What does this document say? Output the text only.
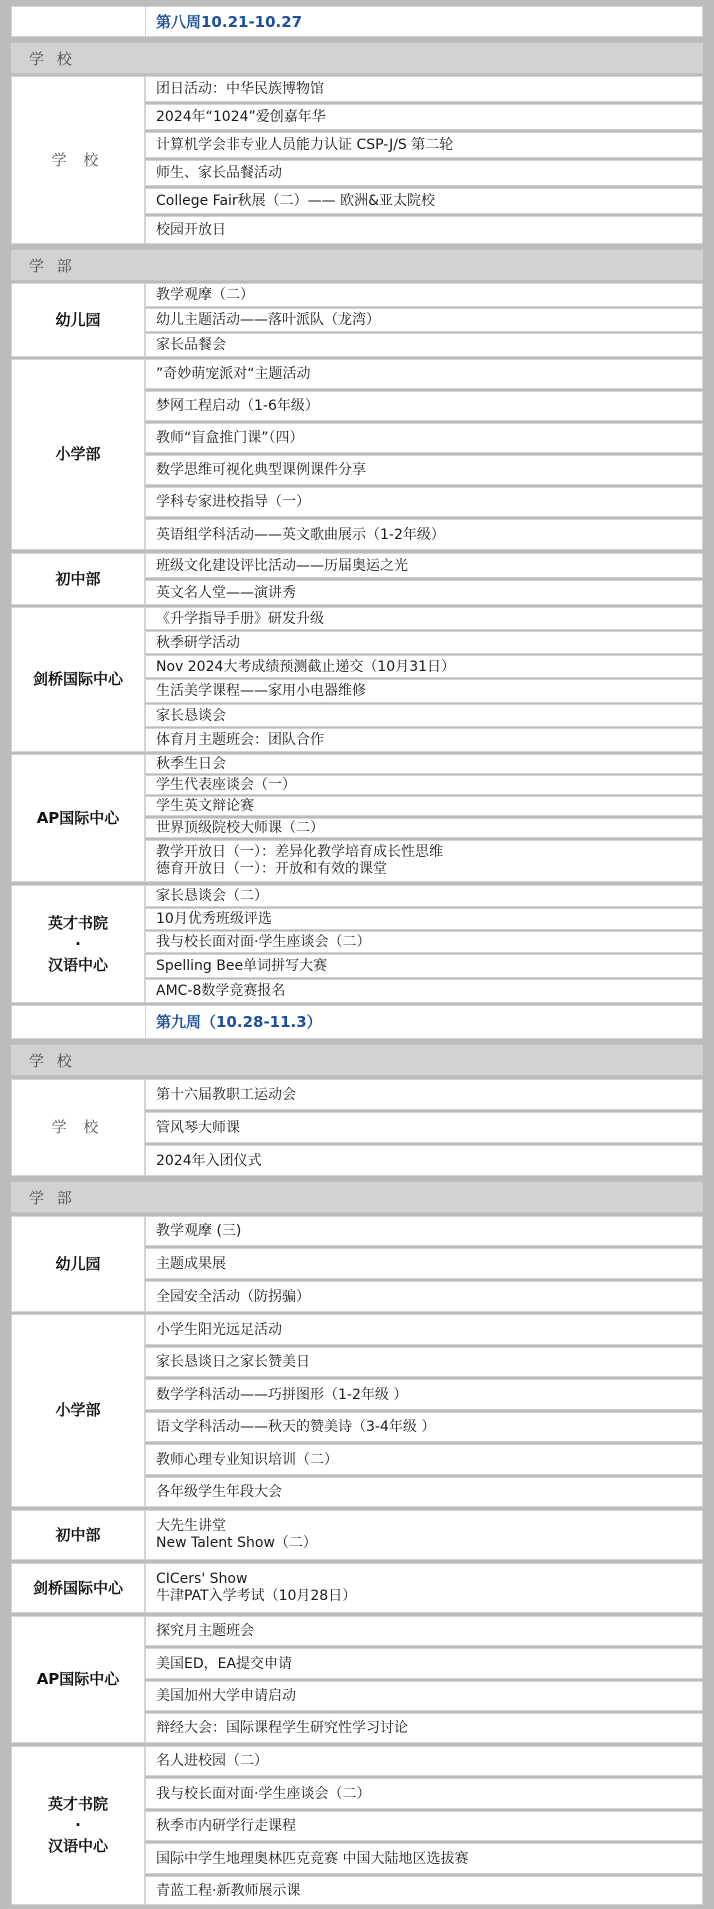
第八周10.21-10.27
学 校
学 校
团日活动：中华民族博物馆
2024年“1024”爱创嘉年华
计算机学会非专业人员能力认证 CSP-J/S 第二轮
师生、家长品餐活动
College Fair秋展（二）—— 欧洲&亚太院校
校园开放日
学 部
幼儿园
教学观摩（二）
幼儿主题活动——落叶派队（龙湾）
家长品餐会
小学部
”奇妙萌宠派对“主题活动
梦网工程启动（1-6年级）
教师“盲盒推门课”（四）
数学思维可视化典型课例课件分享
学科专家进校指导（一）
英语组学科活动——英文歌曲展示（1-2年级）
初中部
班级文化建设评比活动——历届奥运之光
英文名人堂——演讲秀
剑桥国际中心
《升学指导手册》研发升级
秋季研学活动
Nov 2024大考成绩预测截止递交（10月31日）
生活美学课程——家用小电器维修
家长恳谈会
体育月主题班会：团队合作
AP国际中心
秋季生日会
学生代表座谈会（一）
学生英文辩论赛
世界顶级院校大师课（二）
教学开放日（一）：差异化教学培育成长性思维
德育开放日（一）：开放和有效的课堂
英才书院
·
汉语中心
家长恳谈会（二）
10月优秀班级评选
我与校长面对面·学生座谈会（二）
Spelling Bee单词拼写大赛
AMC-8数学竞赛报名
第九周（10.28-11.3）
学 校
学 校
第十六届教职工运动会
管风琴大师课
2024年入团仪式
学 部
幼儿园
教学观摩 (三)
主题成果展
全园安全活动（防拐骗）
小学部
小学生阳光远足活动
家长恳谈日之家长赞美日
数学学科活动——巧拼图形（1-2年级 ）
语文学科活动——秋天的赞美诗（3-4年级 ）
教师心理专业知识培训（二）
各年级学生年段大会
初中部	大先生讲堂
New Talent Show（二）
剑桥国际中心	CICers' Show
牛津PAT入学考试（10月28日）
AP国际中心
探究月主题班会
美国ED，EA提交申请
美国加州大学申请启动
辩经大会：国际课程学生研究性学习讨论
英才书院
·
汉语中心
名人进校园（二）
我与校长面对面·学生座谈会（二）
秋季市内研学行走课程
国际中学生地理奥林匹克竞赛 中国大陆地区选拔赛
青蓝工程·新教师展示课
